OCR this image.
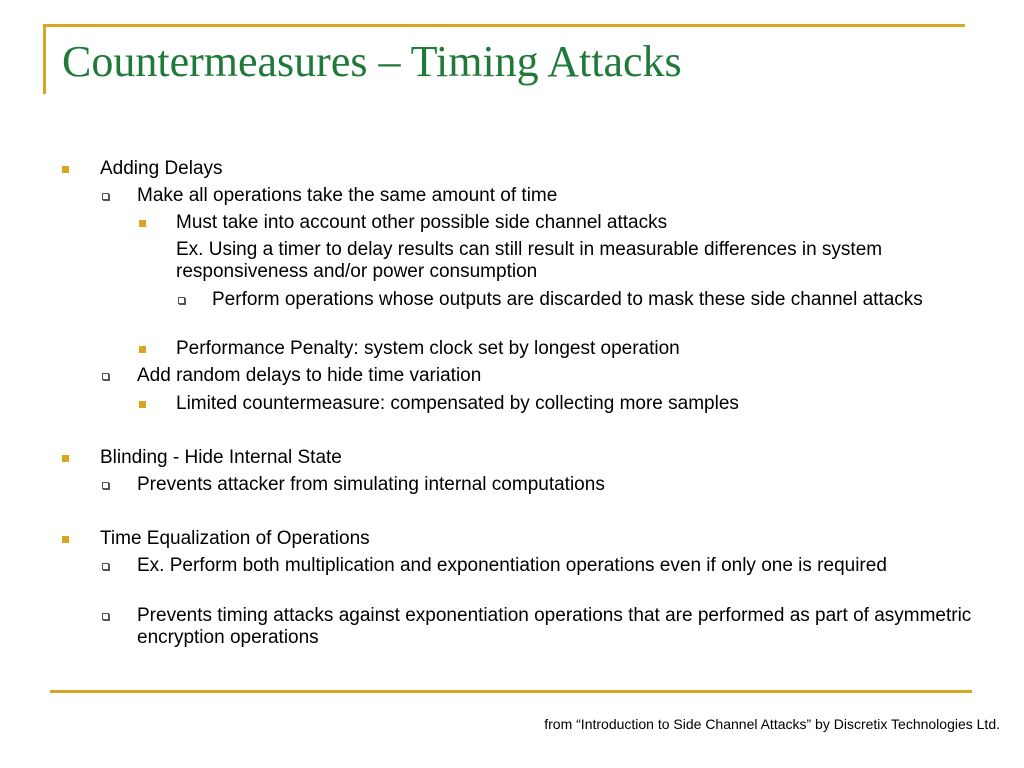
Countermeasures – Timing Attacks
Adding Delays
Make all operations take the same amount of time
Must take into account other possible side channel attacks
Ex. Using a timer to delay results can still result in measurable differences in system responsiveness and/or power consumption
Perform operations whose outputs are discarded to mask these side channel attacks
Performance Penalty: system clock set by longest operation
Add random delays to hide time variation
Limited countermeasure: compensated by collecting more samples
Blinding - Hide Internal State
Prevents attacker from simulating internal computations
Time Equalization of Operations
Ex. Perform both multiplication and exponentiation operations even if only one is required
Prevents timing attacks against exponentiation operations that are performed as part of asymmetric encryption operations
from “Introduction to Side Channel Attacks” by Discretix Technologies Ltd.
